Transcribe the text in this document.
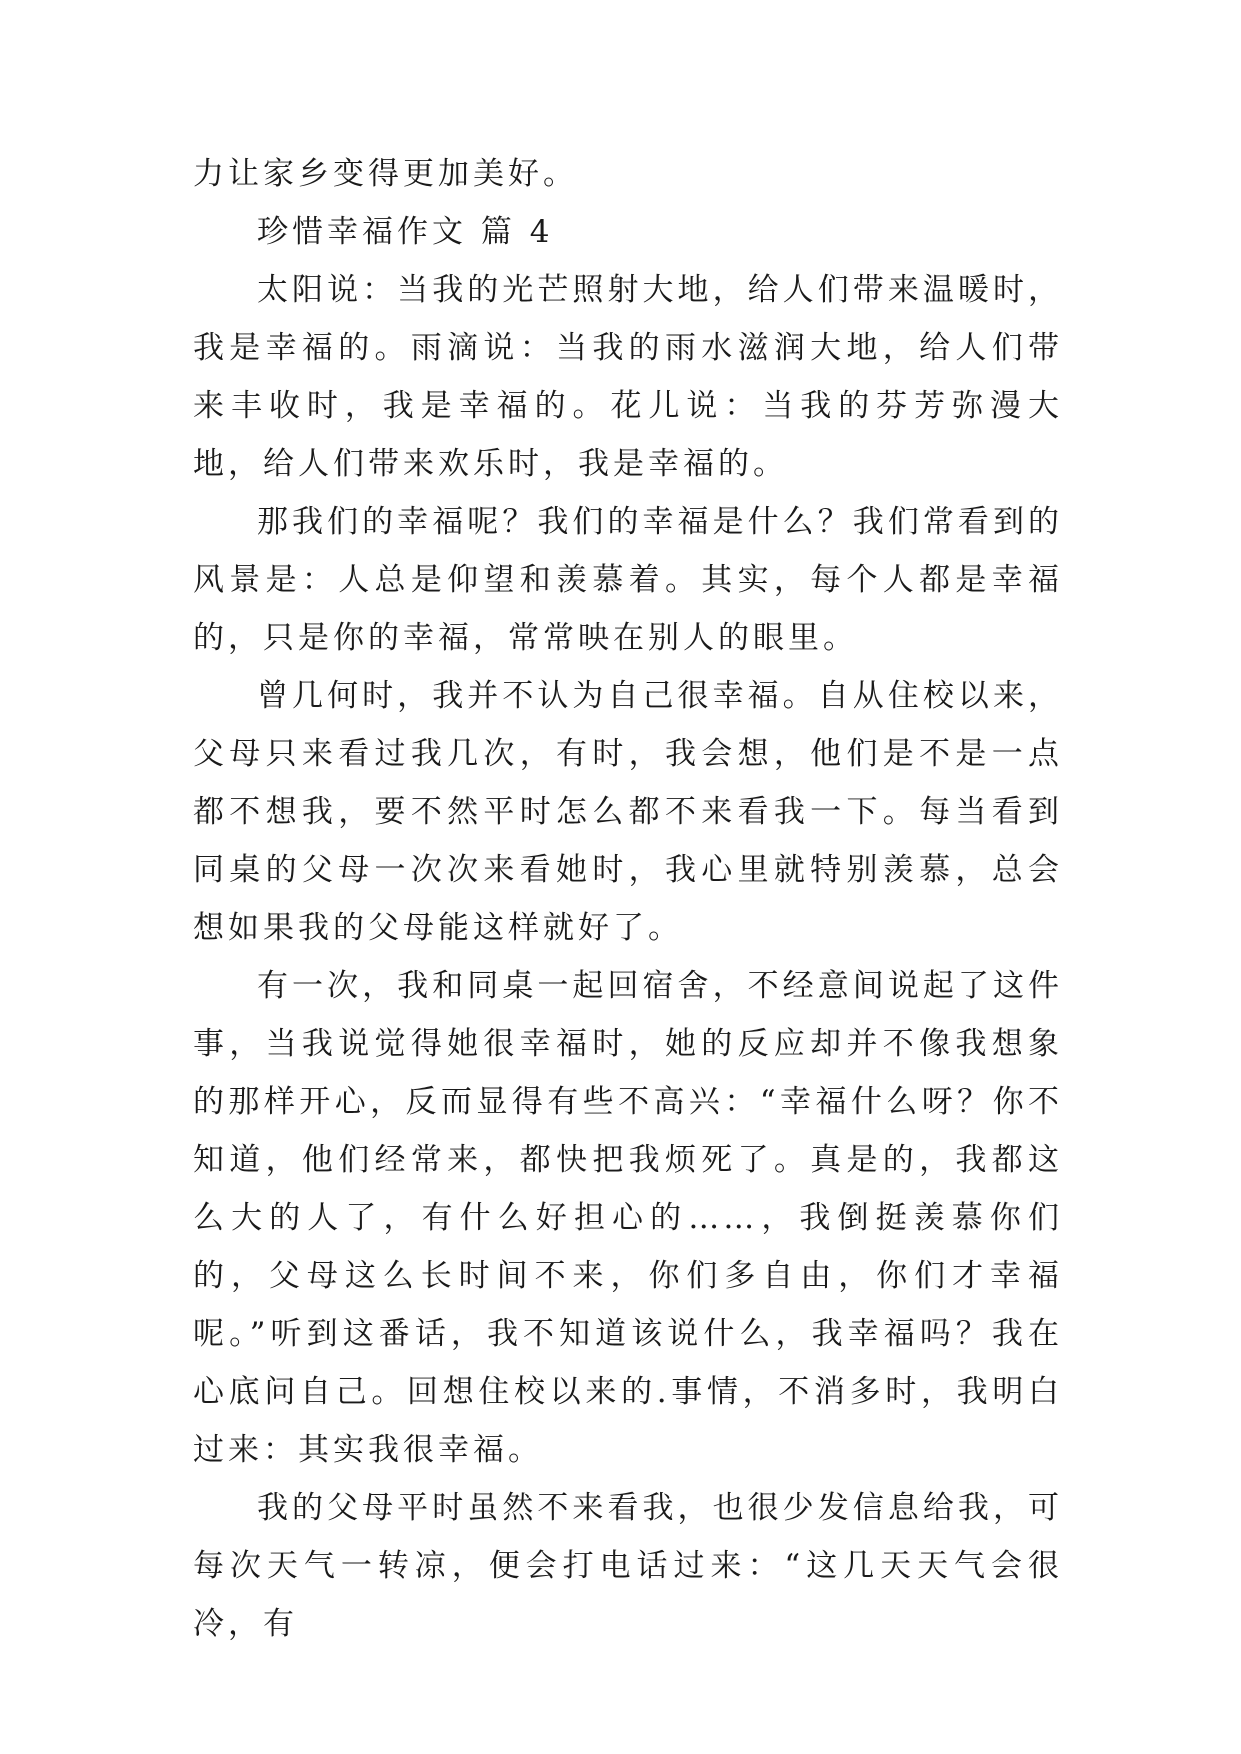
力让家乡变得更加美好。

珍惜幸福作文 篇 4

太阳说：当我的光芒照射大地，给人们带来温暖时，我是幸福的。雨滴说：当我的雨水滋润大地，给人们带来丰收时，我是幸福的。花儿说：当我的芬芳弥漫大地，给人们带来欢乐时，我是幸福的。

那我们的幸福呢？我们的幸福是什么？我们常看到的风景是：人总是仰望和羡慕着。其实，每个人都是幸福的，只是你的幸福，常常映在别人的眼里。

曾几何时，我并不认为自己很幸福。自从住校以来，父母只来看过我几次，有时，我会想，他们是不是一点都不想我，要不然平时怎么都不来看我一下。每当看到同桌的父母一次次来看她时，我心里就特别羡慕，总会想如果我的父母能这样就好了。

有一次，我和同桌一起回宿舍，不经意间说起了这件事，当我说觉得她很幸福时，她的反应却并不像我想象的那样开心，反而显得有些不高兴：“幸福什么呀？你不知道，他们经常来，都快把我烦死了。真是的，我都这么大的人了，有什么好担心的……，我倒挺羡慕你们的，父母这么长时间不来，你们多自由，你们才幸福呢。”听到这番话，我不知道该说什么，我幸福吗？我在心底问自己。回想住校以来的.事情，不消多时，我明白过来：其实我很幸福。

我的父母平时虽然不来看我，也很少发信息给我，可每次天气一转凉，便会打电话过来：“这几天天气会很冷，有
